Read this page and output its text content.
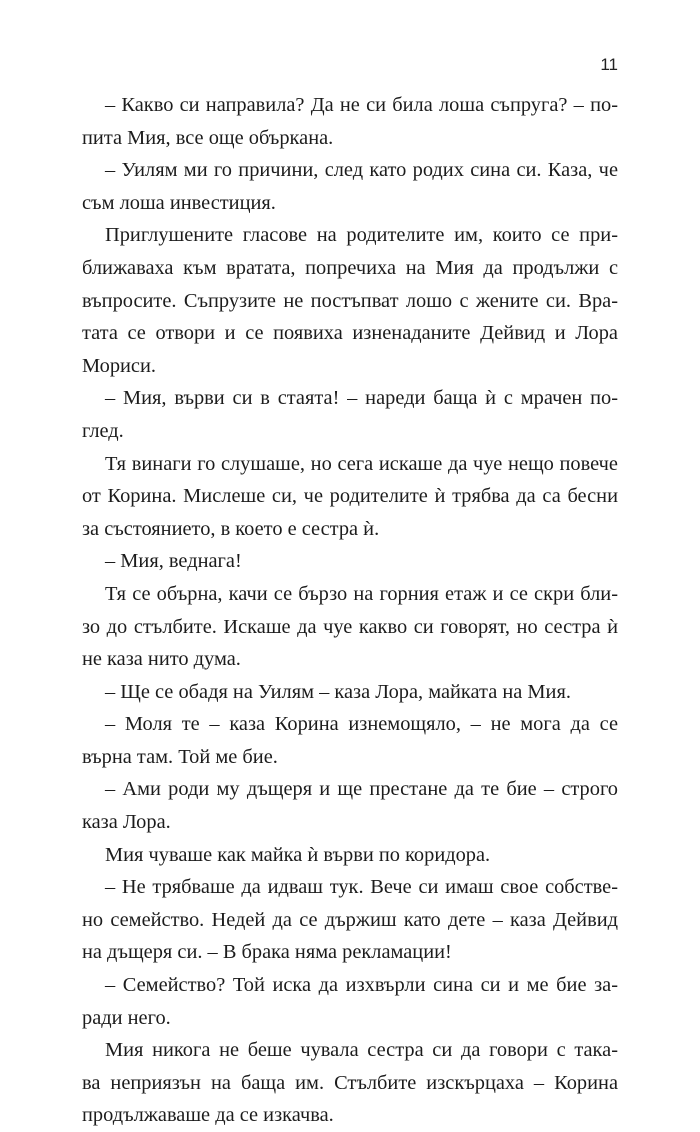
11
– Какво си направила? Да не си била лоша съпруга? – по-
пита Мия, все още объркана.
– Уилям ми го причини, след като родих сина си. Каза, че
съм лоша инвестиция.
Приглушените гласове на родителите им, които се при-
ближаваха към вратата, попречиха на Мия да продължи с
въпросите. Съпрузите не постъпват лошо с жените си. Вра-
тата се отвори и се появиха изненаданите Дейвид и Лора
Мориси.
– Мия, върви си в стаята! – нареди баща ѝ с мрачен по-
глед.
Тя винаги го слушаше, но сега искаше да чуе нещо повече
от Корина. Мислеше си, че родителите ѝ трябва да са бесни
за състоянието, в което е сестра ѝ.
– Мия, веднага!
Тя се обърна, качи се бързо на горния етаж и се скри бли-
зо до стълбите. Искаше да чуе какво си говорят, но сестра ѝ
не каза нито дума.
– Ще се обадя на Уилям – каза Лора, майката на Мия.
– Моля те – каза Корина изнемощяло, – не мога да се
върна там. Той ме бие.
– Ами роди му дъщеря и ще престане да те бие – строго
каза Лора.
Мия чуваше как майка ѝ върви по коридора.
– Не трябваше да идваш тук. Вече си имаш свое собстве-
но семейство. Недей да се държиш като дете – каза Дейвид
на дъщеря си. – В брака няма рекламации!
– Семейство? Той иска да изхвърли сина си и ме бие за-
ради него.
Мия никога не беше чувала сестра си да говори с така-
ва неприязън на баща им. Стълбите изскърцаха – Корина
продължаваше да се изкачва.
